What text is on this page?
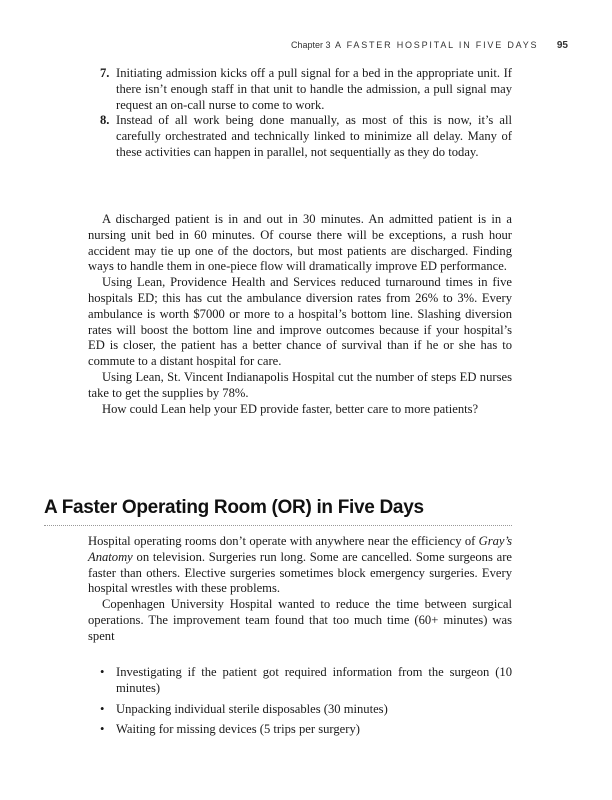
Chapter 3 A FASTER HOSPITAL IN FIVE DAYS 95
7. Initiating admission kicks off a pull signal for a bed in the appropriate unit. If there isn’t enough staff in that unit to handle the admission, a pull signal may request an on-call nurse to come to work.
8. Instead of all work being done manually, as most of this is now, it’s all carefully orchestrated and technically linked to minimize all delay. Many of these activities can happen in parallel, not sequentially as they do today.

A discharged patient is in and out in 30 minutes. An admitted patient is in a nursing unit bed in 60 minutes. Of course there will be exceptions, a rush hour accident may tie up one of the doctors, but most patients are discharged. Finding ways to handle them in one-piece flow will dramatically improve ED performance.

Using Lean, Providence Health and Services reduced turnaround times in five hospitals ED; this has cut the ambulance diversion rates from 26% to 3%. Every ambulance is worth $7000 or more to a hospital’s bottom line. Slashing diversion rates will boost the bottom line and improve outcomes because if your hospital’s ED is closer, the patient has a better chance of survival than if he or she has to commute to a distant hospital for care.

Using Lean, St. Vincent Indianapolis Hospital cut the number of steps ED nurses take to get the supplies by 78%.

How could Lean help your ED provide faster, better care to more patients?

A Faster Operating Room (OR) in Five Days

Hospital operating rooms don’t operate with anywhere near the efficiency of Gray’s Anatomy on television. Surgeries run long. Some are cancelled. Some surgeons are faster than others. Elective surgeries sometimes block emergency surgeries. Every hospital wrestles with these problems.

Copenhagen University Hospital wanted to reduce the time between surgical operations. The improvement team found that too much time (60+ minutes) was spent

• Investigating if the patient got required information from the surgeon (10 minutes)
• Unpacking individual sterile disposables (30 minutes)
• Waiting for missing devices (5 trips per surgery)
